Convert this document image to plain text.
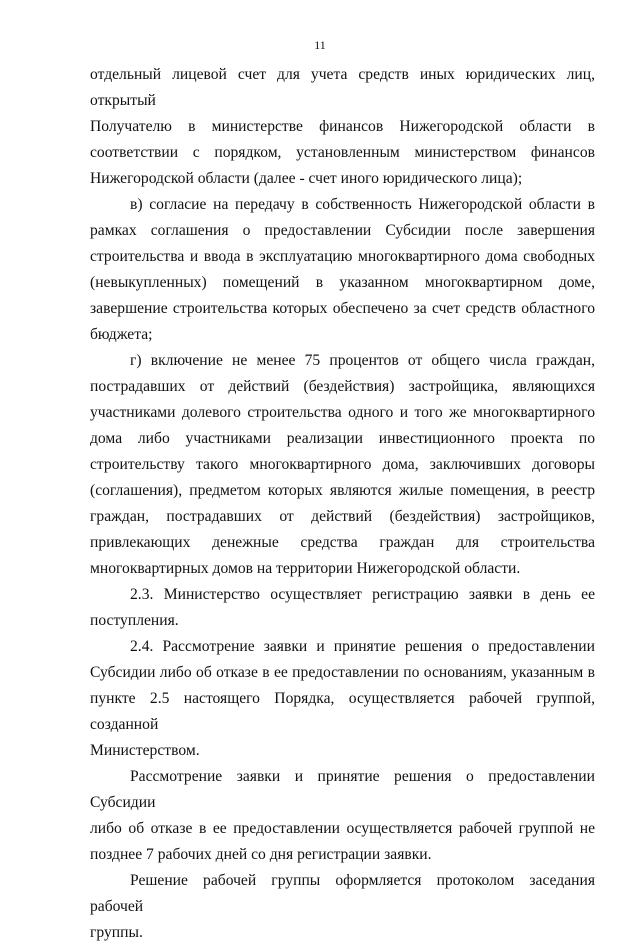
11

отдельный лицевой счет для учета средств иных юридических лиц, открытый
Получателю в министерстве финансов Нижегородской области в
соответствии с порядком, установленным министерством финансов
Нижегородской области (далее - счет иного юридического лица);

в) согласие на передачу в собственность Нижегородской области в
рамках соглашения о предоставлении Субсидии после завершения
строительства и ввода в эксплуатацию многоквартирного дома свободных
(невыкупленных) помещений в указанном многоквартирном доме,
завершение строительства которых обеспечено за счет средств областного
бюджета;

г) включение не менее 75 процентов от общего числа граждан,
пострадавших от действий (бездействия) застройщика, являющихся
участниками долевого строительства одного и того же многоквартирного
дома либо участниками реализации инвестиционного проекта по
строительству такого многоквартирного дома, заключивших договоры
(соглашения), предметом которых являются жилые помещения, в реестр
граждан, пострадавших от действий (бездействия) застройщиков,
привлекающих денежные средства граждан для строительства
многоквартирных домов на территории Нижегородской области.

2.3. Министерство осуществляет регистрацию заявки в день ее
поступления.

2.4. Рассмотрение заявки и принятие решения о предоставлении
Субсидии либо об отказе в ее предоставлении по основаниям, указанным в
пункте 2.5 настоящего Порядка, осуществляется рабочей группой, созданной
Министерством.

Рассмотрение заявки и принятие решения о предоставлении Субсидии
либо об отказе в ее предоставлении осуществляется рабочей группой не
позднее 7 рабочих дней со дня регистрации заявки.

Решение рабочей группы оформляется протоколом заседания рабочей
группы.
